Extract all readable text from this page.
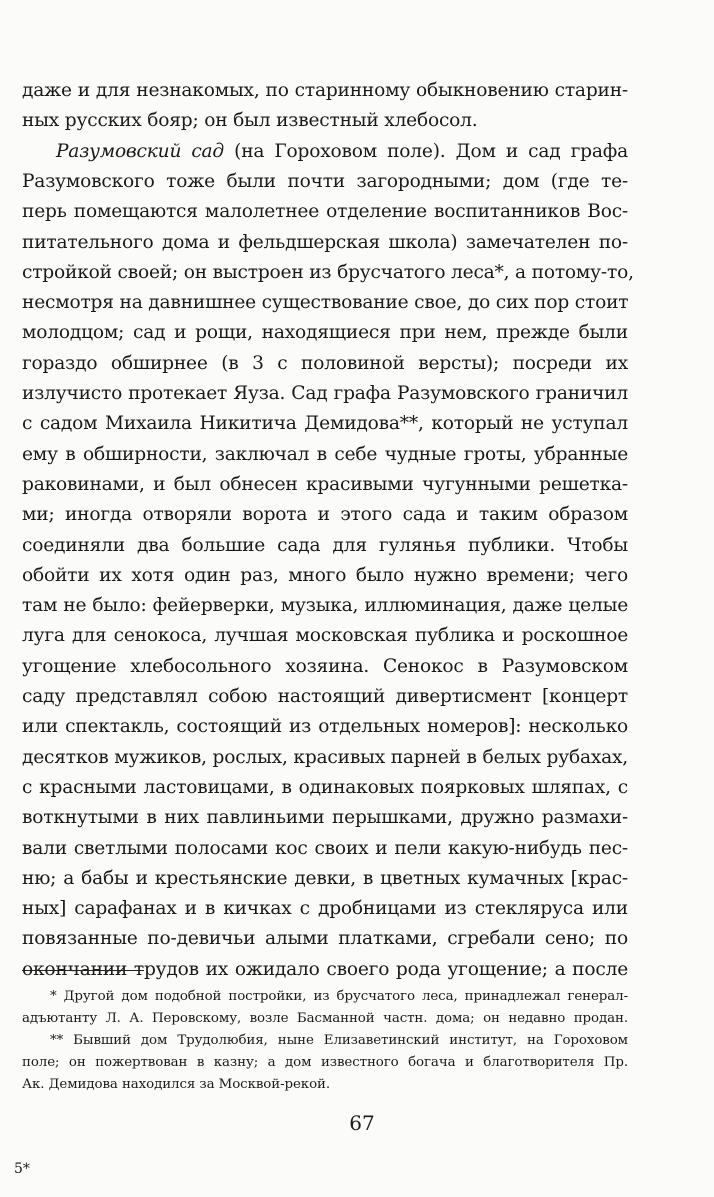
даже и для незнакомых, по старинному обыкновению старин-
ных русских бояр; он был известный хлебосол.
Разумовский сад (на Гороховом поле). Дом и сад графа
Разумовского тоже были почти загородными; дом (где те-
перь помещаются малолетнее отделение воспитанников Вос-
питательного дома и фельдшерская школа) замечателен по-
стройкой своей; он выстроен из брусчатого леса*, а потому-то,
несмотря на давнишнее существование свое, до сих пор стоит
молодцом; сад и рощи, находящиеся при нем, прежде были
гораздо обширнее (в 3 с половиной версты); посреди их
излучисто протекает Яуза. Сад графа Разумовского граничил
с садом Михаила Никитича Демидова**, который не уступал
ему в обширности, заключал в себе чудные гроты, убранные
раковинами, и был обнесен красивыми чугунными решетка-
ми; иногда отворяли ворота и этого сада и таким образом
соединяли два большие сада для гулянья публики. Чтобы
обойти их хотя один раз, много было нужно времени; чего
там не было: фейерверки, музыка, иллюминация, даже целые
луга для сенокоса, лучшая московская публика и роскошное
угощение хлебосольного хозяина. Сенокос в Разумовском
саду представлял собою настоящий дивертисмент [концерт
или спектакль, состоящий из отдельных номеров]: несколько
десятков мужиков, рослых, красивых парней в белых рубахах,
с красными ластовицами, в одинаковых поярковых шляпах, с
воткнутыми в них павлиньими перышками, дружно размахи-
вали светлыми полосами кос своих и пели какую-нибудь пес-
ню; а бабы и крестьянские девки, в цветных кумачных [крас-
ных] сарафанах и в кичках с дробницами из стекляруса или
повязанные по-девичьи алыми платками, сгребали сено; по
окончании трудов их ожидало своего рода угощение; а после
* Другой дом подобной постройки, из брусчатого леса, принадлежал генерал-
адъютанту Л. А. Перовскому, возле Басманной частн. дома; он недавно продан.
** Бывший дом Трудолюбия, ныне Елизаветинский институт, на Гороховом
поле; он пожертвован в казну; а дом известного богача и благотворителя Пр.
Ак. Демидова находился за Москвой-рекой.
67
5*
